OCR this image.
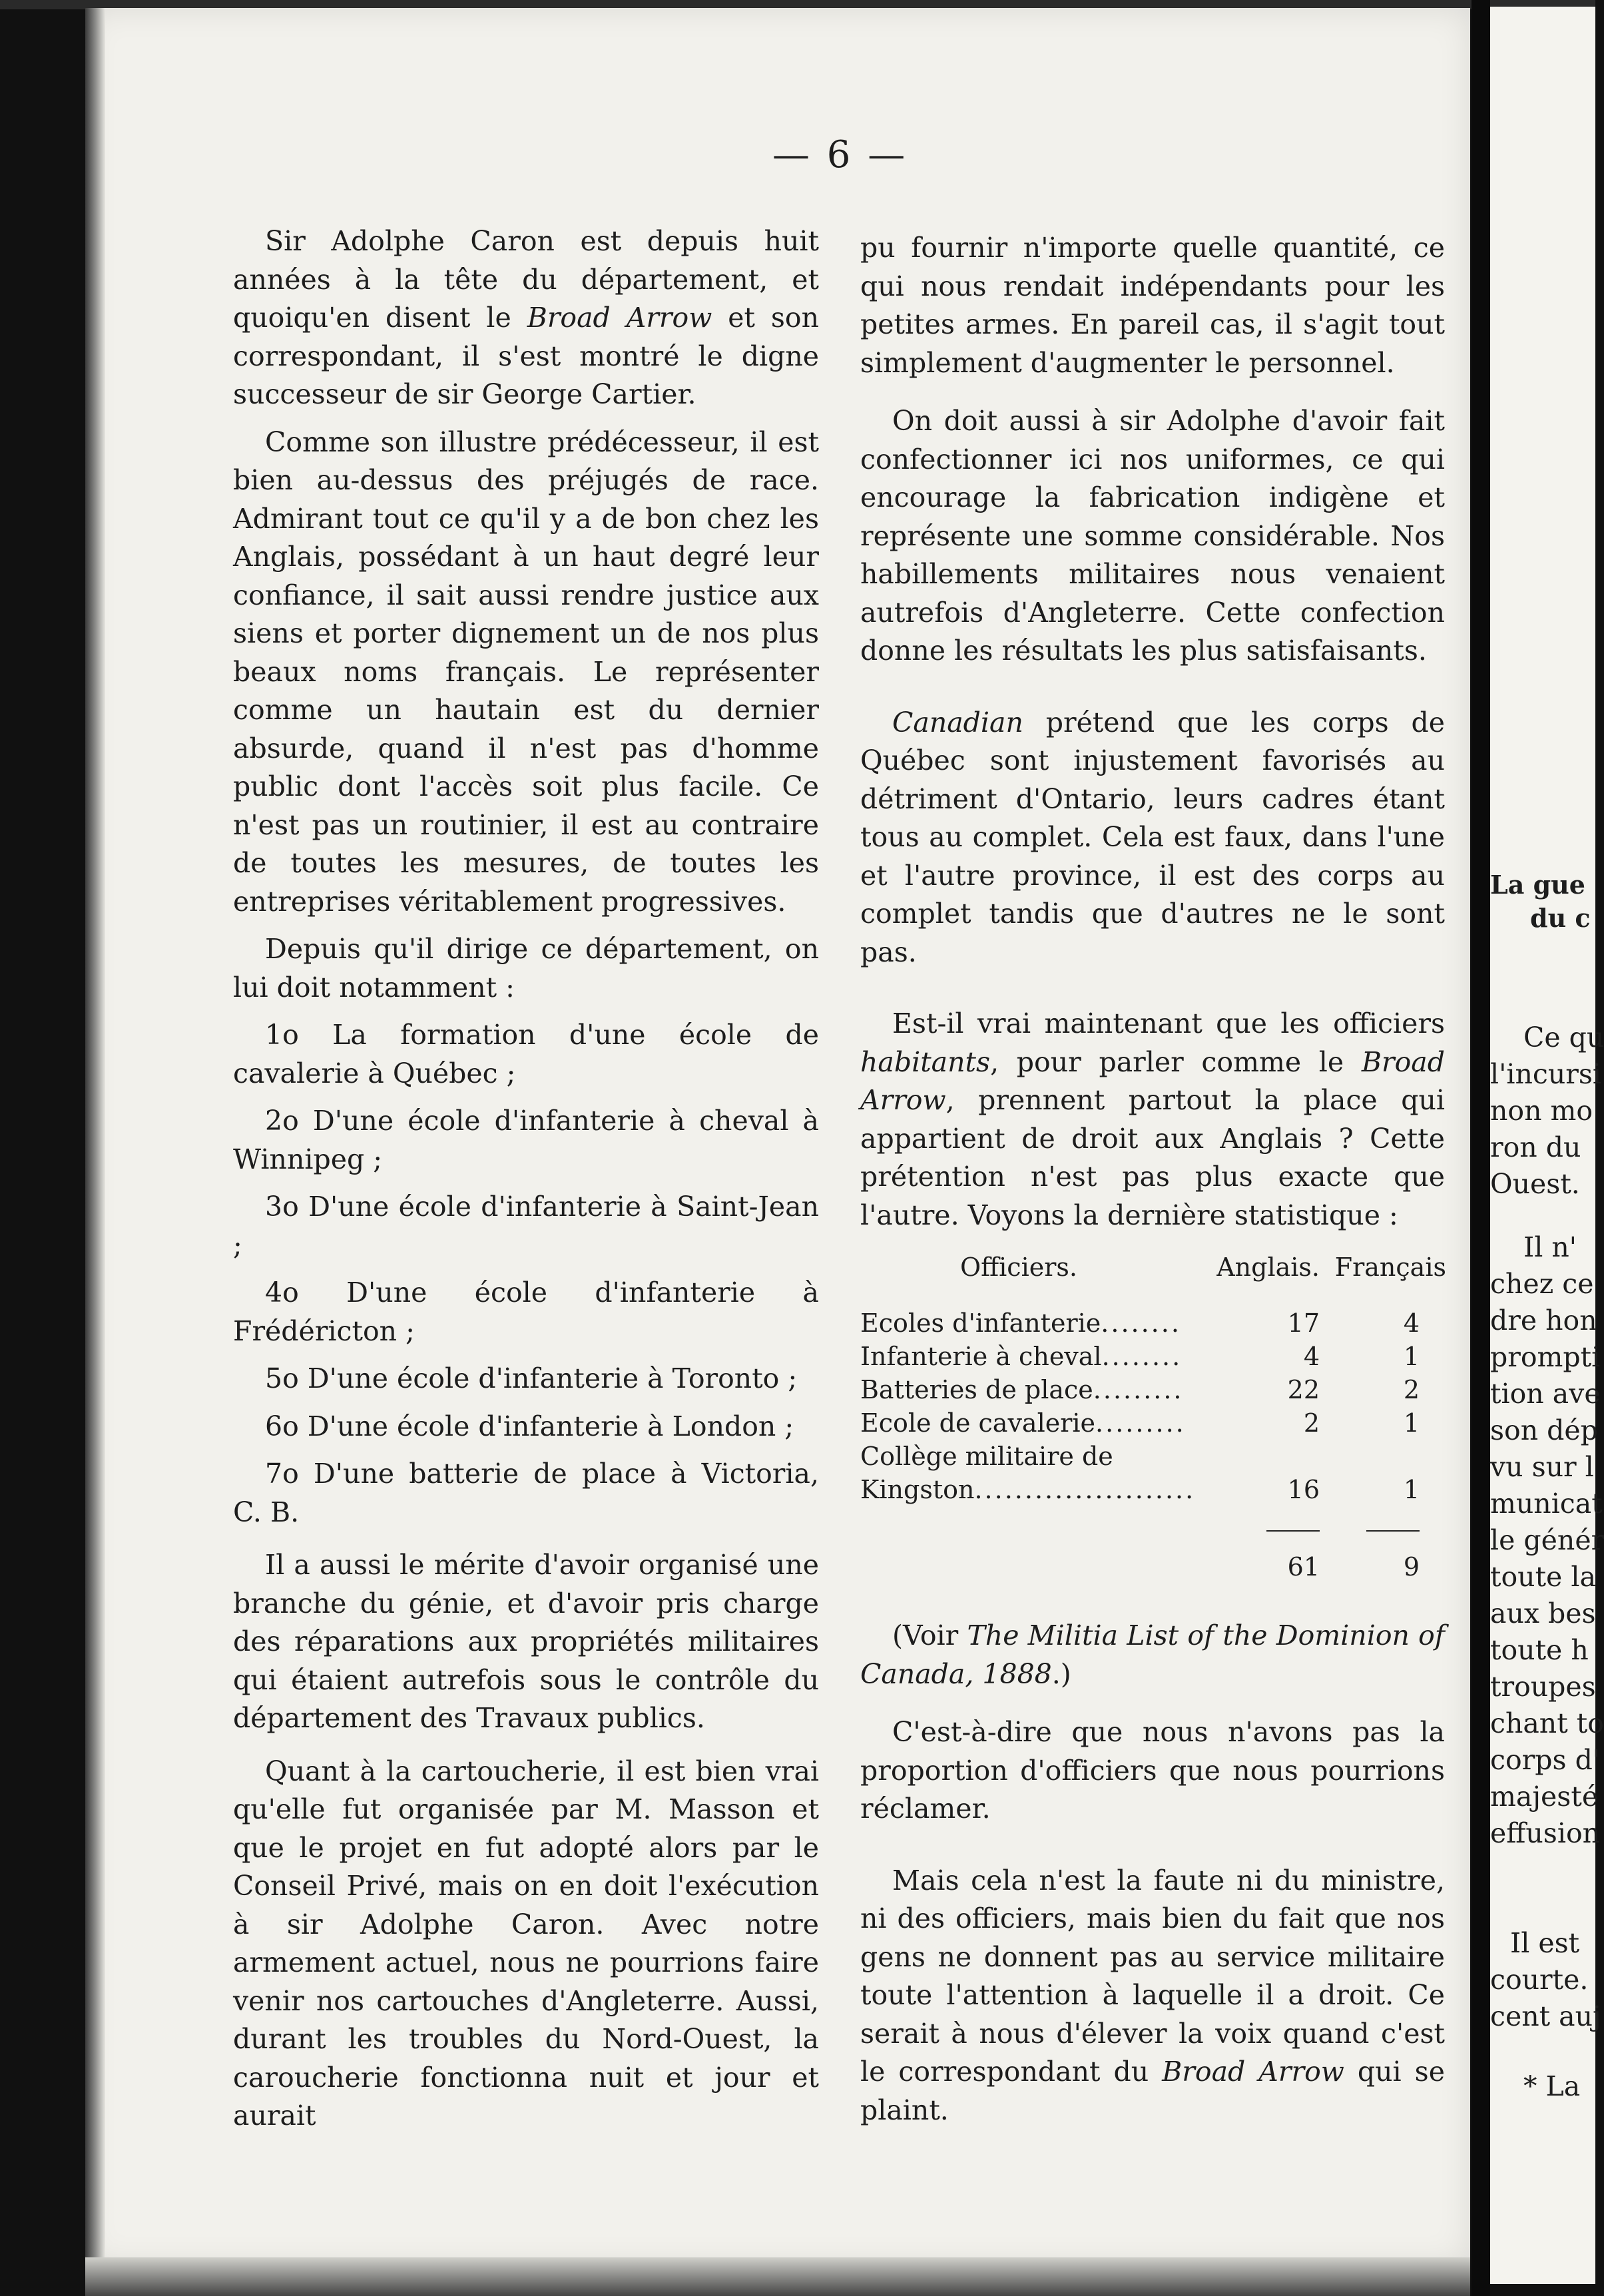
— 6 —

Sir Adolphe Caron est depuis huit années à la tête du département, et quoiqu'en disent le Broad Arrow et son correspondant, il s'est montré le digne successeur de sir George Cartier.

Comme son illustre prédécesseur, il est bien au-dessus des préjugés de race. Admirant tout ce qu'il y a de bon chez les Anglais, possédant à un haut degré leur confiance, il sait aussi rendre justice aux siens et porter dignement un de nos plus beaux noms français. Le représenter comme un hautain est du dernier absurde, quand il n'est pas d'homme public dont l'accès soit plus facile. Ce n'est pas un routinier, il est au contraire de toutes les mesures, de toutes les entreprises véritablement progressives.

Depuis qu'il dirige ce département, on lui doit notamment :

1o La formation d'une école de cavalerie à Québec ;

2o D'une école d'infanterie à cheval à Winnipeg ;

3o D'une école d'infanterie à Saint-Jean ;

4o D'une école d'infanterie à Frédéricton ;

5o D'une école d'infanterie à Toronto ;

6o D'une école d'infanterie à London ;

7o D'une batterie de place à Victoria, C. B.

Il a aussi le mérite d'avoir organisé une branche du génie, et d'avoir pris charge des réparations aux propriétés militaires qui étaient autrefois sous le contrôle du département des Travaux publics.

Quant à la cartoucherie, il est bien vrai qu'elle fut organisée par M. Masson et que le projet en fut adopté alors par le Conseil Privé, mais on en doit l'exécution à sir Adolphe Caron. Avec notre armement actuel, nous ne pourrions faire venir nos cartouches d'Angleterre. Aussi, durant les troubles du Nord-Ouest, la caroucherie fonctionna nuit et jour et aurait

pu fournir n'importe quelle quantité, ce qui nous rendait indépendants pour les petites armes. En pareil cas, il s'agit tout simplement d'augmenter le personnel.

On doit aussi à sir Adolphe d'avoir fait confectionner ici nos uniformes, ce qui encourage la fabrication indigène et représente une somme considérable. Nos habillements militaires nous venaient autrefois d'Angleterre. Cette confection donne les résultats les plus satisfaisants.

Canadian prétend que les corps de Québec sont injustement favorisés au détriment d'Ontario, leurs cadres étant tous au complet. Cela est faux, dans l'une et l'autre province, il est des corps au complet tandis que d'autres ne le sont pas.

Est-il vrai maintenant que les officiers habitants, pour parler comme le Broad Arrow, prennent partout la place qui appartient de droit aux Anglais ? Cette prétention n'est pas plus exacte que l'autre. Voyons la dernière statistique :

Officiers.	Anglais.	Français
Ecoles d'infanterie........	17	4
Infanterie à cheval........	4	1
Batteries de place.........	22	2
Ecole de cavalerie.........	2	1
Collège militaire de Kingston......................	16	1

	61	9

(Voir The Militia List of the Dominion of Canada, 1888.)

C'est-à-dire que nous n'avons pas la proportion d'officiers que nous pourrions réclamer.

Mais cela n'est la faute ni du ministre, ni des officiers, mais bien du fait que nos gens ne donnent pas au service militaire toute l'attention à laquelle il a droit. Ce serait à nous d'élever la voix quand c'est le correspondant du Broad Arrow qui se plaint.

La gue
du c
Ce qu
l'incursi
non mo
ron du
Ouest.
Il n'
chez ce
dre hon
prompti
tion ave
son dép
vu sur l
municat
le génér
toute la
aux bes
toute h
troupes
chant to
corps d'
majesté
effusion
Il est
courte.
cent auj
* La
